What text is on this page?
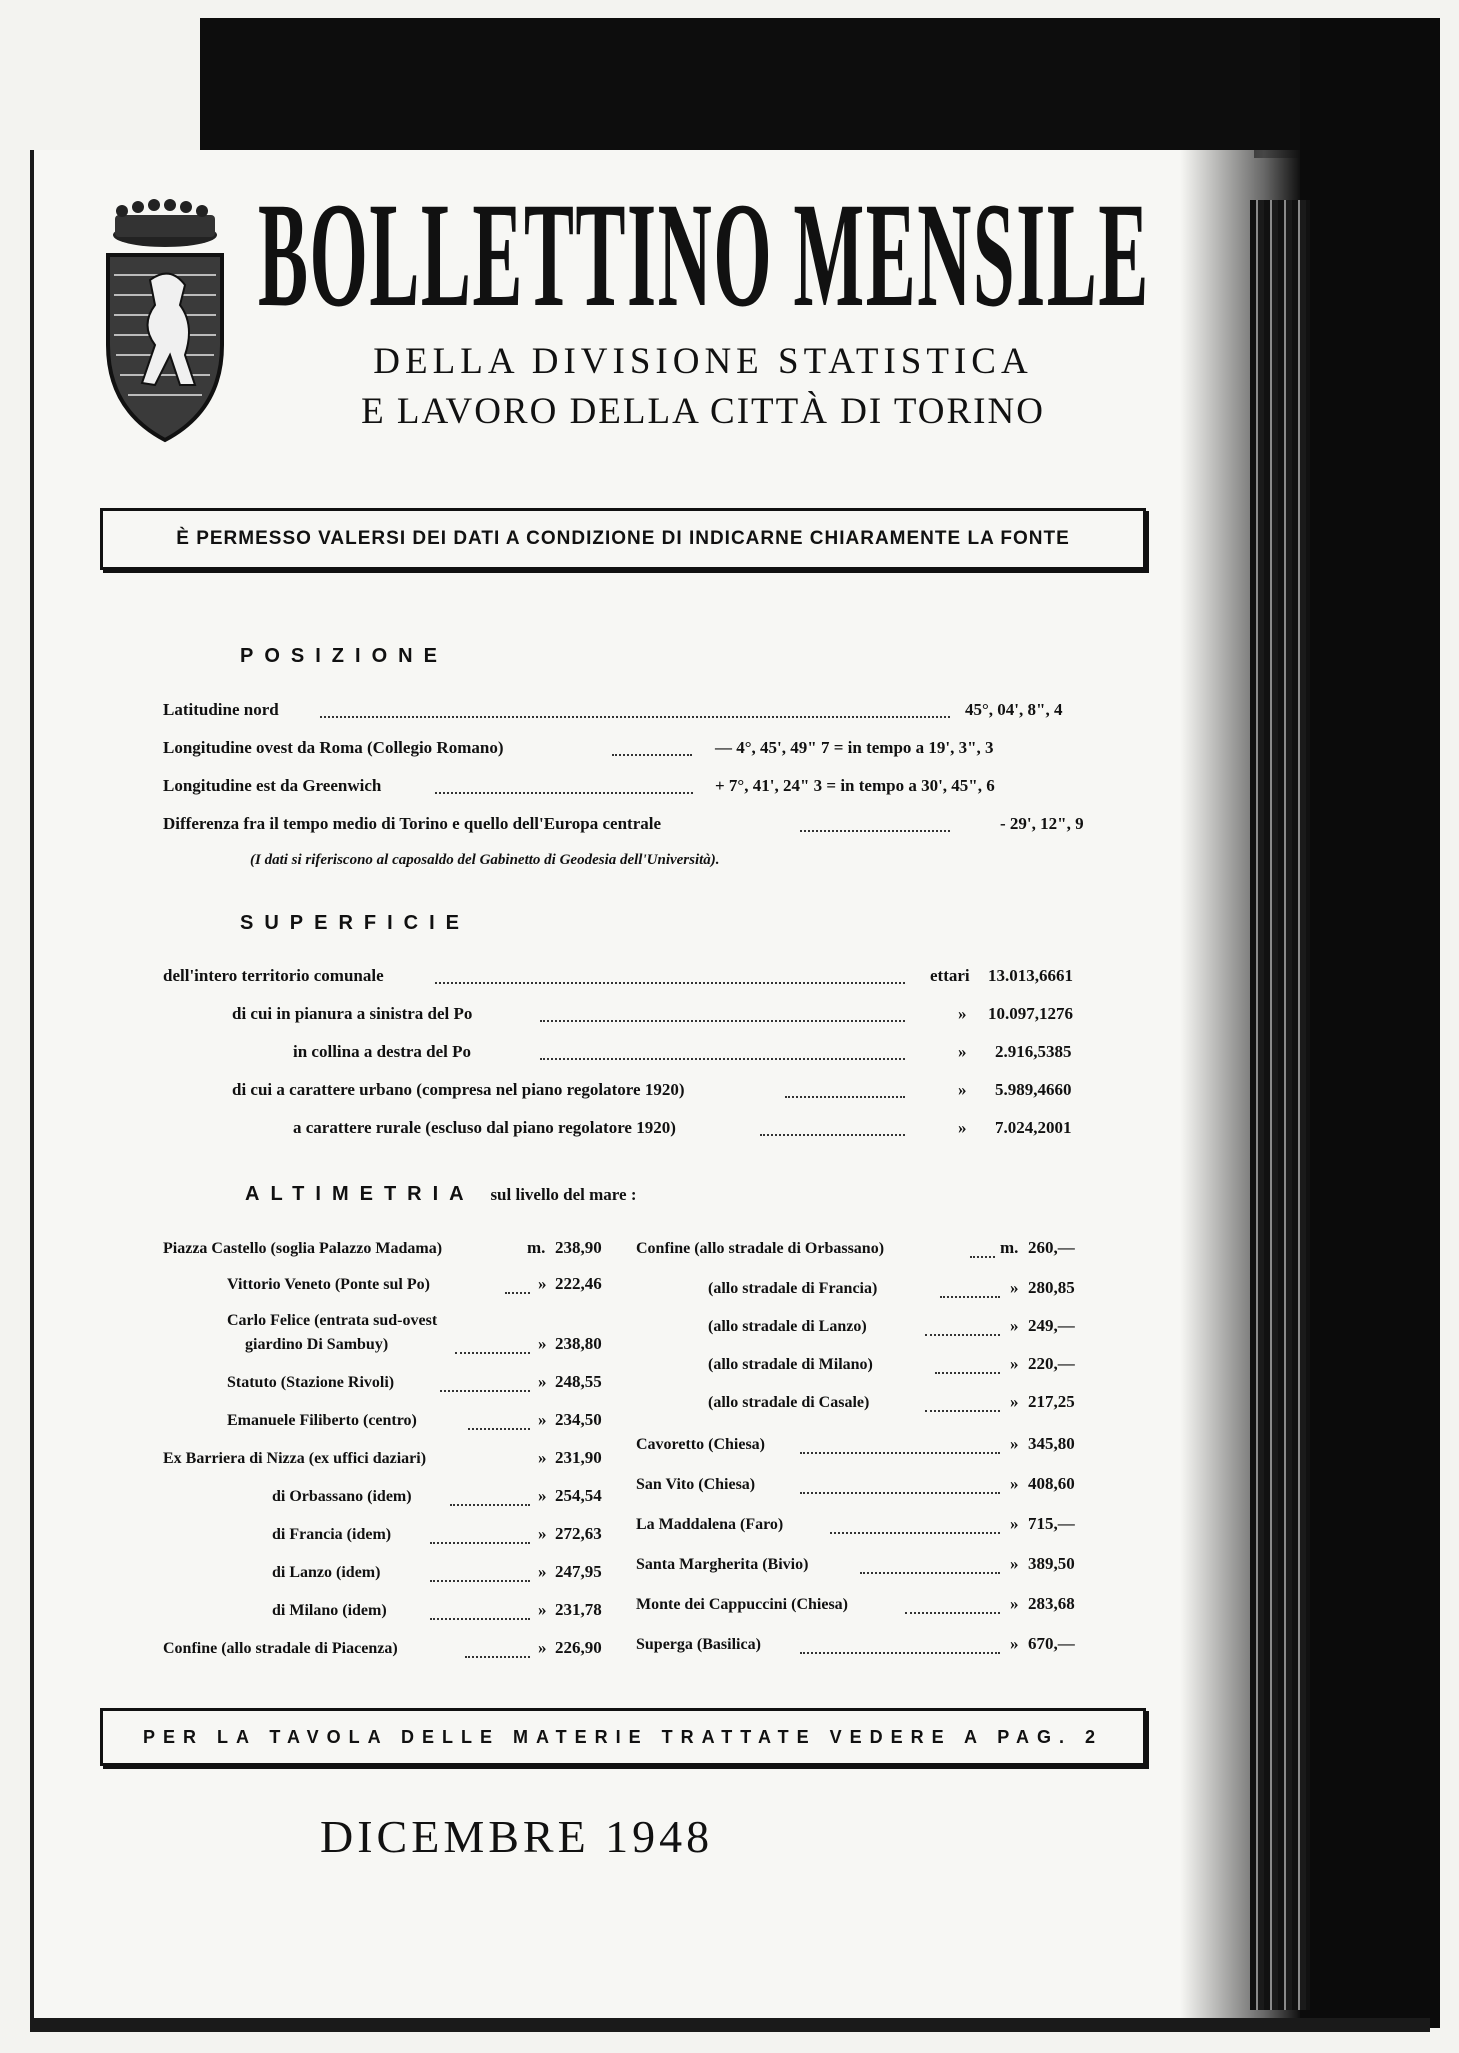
BOLLETTINO MENSILE
DELLA DIVISIONE STATISTICA
E LAVORO DELLA CITTÀ DI TORINO
È PERMESSO VALERSI DEI DATI A CONDIZIONE DI INDICARNE CHIARAMENTE LA FONTE
POSIZIONE
Latitudine nord	45°, 04', 8", 4
Longitudine ovest da Roma (Collegio Romano)	— 4°, 45', 49" 7 = in tempo a 19', 3", 3
Longitudine est da Greenwich	+ 7°, 41', 24" 3 = in tempo a 30', 45", 6
Differenza fra il tempo medio di Torino e quello dell'Europa centrale	- 29', 12", 9
(I dati si riferiscono al caposaldo del Gabinetto di Geodesia dell'Università).
SUPERFICIE
dell'intero territorio comunale	ettari 13.013,6661
di cui in pianura a sinistra del Po	» 10.097,1276
in collina a destra del Po	» 2.916,5385
di cui a carattere urbano (compresa nel piano regolatore 1920)	» 5.989,4660
a carattere rurale (escluso dal piano regolatore 1920)	» 7.024,2001
ALTIMETRIA sul livello del mare :
Piazza Castello (soglia Palazzo Madama)	m. 238,90
Vittorio Veneto (Ponte sul Po)	» 222,46
Carlo Felice (entrata sud-ovest
giardino Di Sambuy)	» 238,80
Statuto (Stazione Rivoli)	» 248,55
Emanuele Filiberto (centro)	» 234,50
Ex Barriera di Nizza (ex uffici daziari)	» 231,90
di Orbassano (idem)	» 254,54
di Francia (idem)	» 272,63
di Lanzo (idem)	» 247,95
di Milano (idem)	» 231,78
Confine (allo stradale di Piacenza)	» 226,90
Confine (allo stradale di Orbassano)	m. 260,—
(allo stradale di Francia)	» 280,85
(allo stradale di Lanzo)	» 249,—
(allo stradale di Milano)	» 220,—
(allo stradale di Casale)	» 217,25
Cavoretto (Chiesa)	» 345,80
San Vito (Chiesa)	» 408,60
La Maddalena (Faro)	» 715,—
Santa Margherita (Bivio)	» 389,50
Monte dei Cappuccini (Chiesa)	» 283,68
Superga (Basilica)	» 670,—
PER LA TAVOLA DELLE MATERIE TRATTATE VEDERE A PAG. 2
DICEMBRE 1948
